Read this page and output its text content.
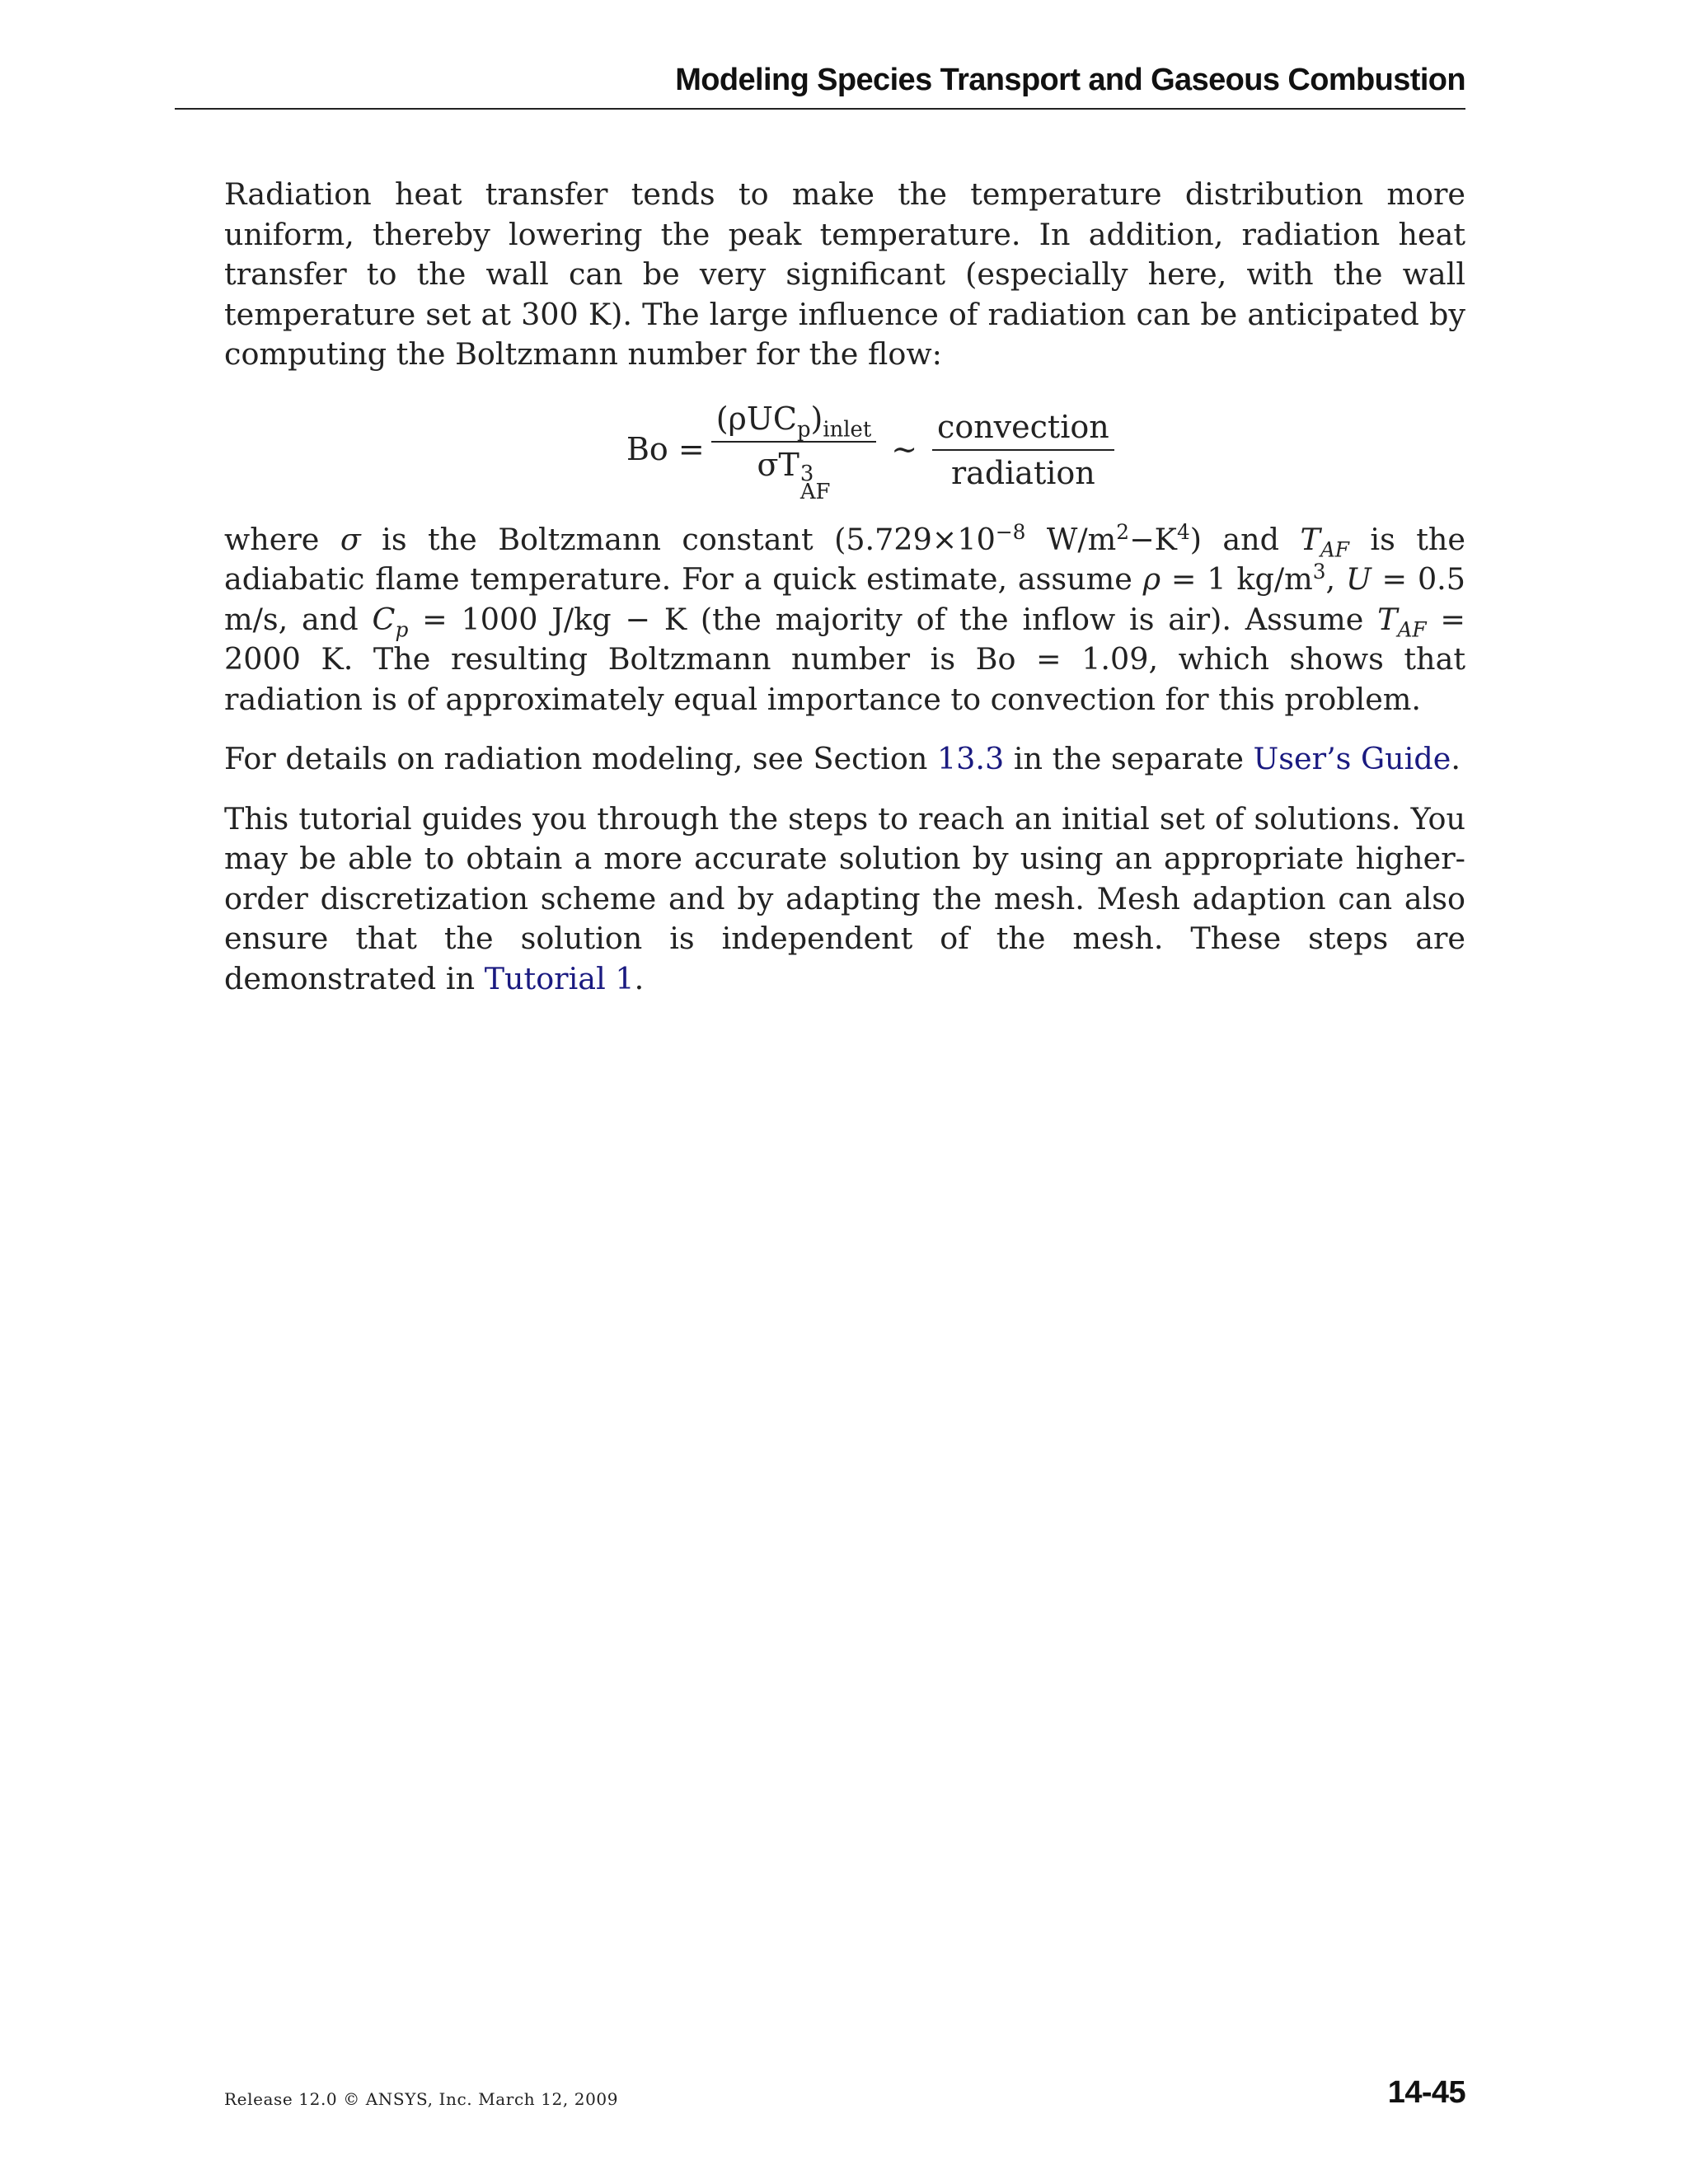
Modeling Species Transport and Gaseous Combustion

Radiation heat transfer tends to make the temperature distribution more uniform, thereby lowering the peak temperature. In addition, radiation heat transfer to the wall can be very significant (especially here, with the wall temperature set at 300 K). The large influence of radiation can be anticipated by computing the Boltzmann number for the flow:

$Bo = (\rho UC_p)_{inlet}$
σT 3
AF ∼ $\frac{\text{convection}}{\text{radiation}}$

where σ is the Boltzmann constant ($5.729\times 10^{-8}$ $W/m^2-K^4$) and $T_{AF}$ is the adiabatic flame temperature. For a quick estimate, assume ρ = 1 $kg/m^3$, U = 0.5 m/s, and $C_p = 1000$ J/kg − K (the majority of the inflow is air). Assume $T_{AF} = 2000$ K. The resulting Boltzmann number is Bo = 1.09, which shows that radiation is of approximately equal importance to convection for this problem.

For details on radiation modeling, see Section 13.3 in the separate User’s Guide.

This tutorial guides you through the steps to reach an initial set of solutions. You may be able to obtain a more accurate solution by using an appropriate higher-order discretization scheme and by adapting the mesh. Mesh adaption can also ensure that the solution is independent of the mesh. These steps are demonstrated in Tutorial 1.

Release 12.0 © ANSYS, Inc. March 12, 2009	14-45
